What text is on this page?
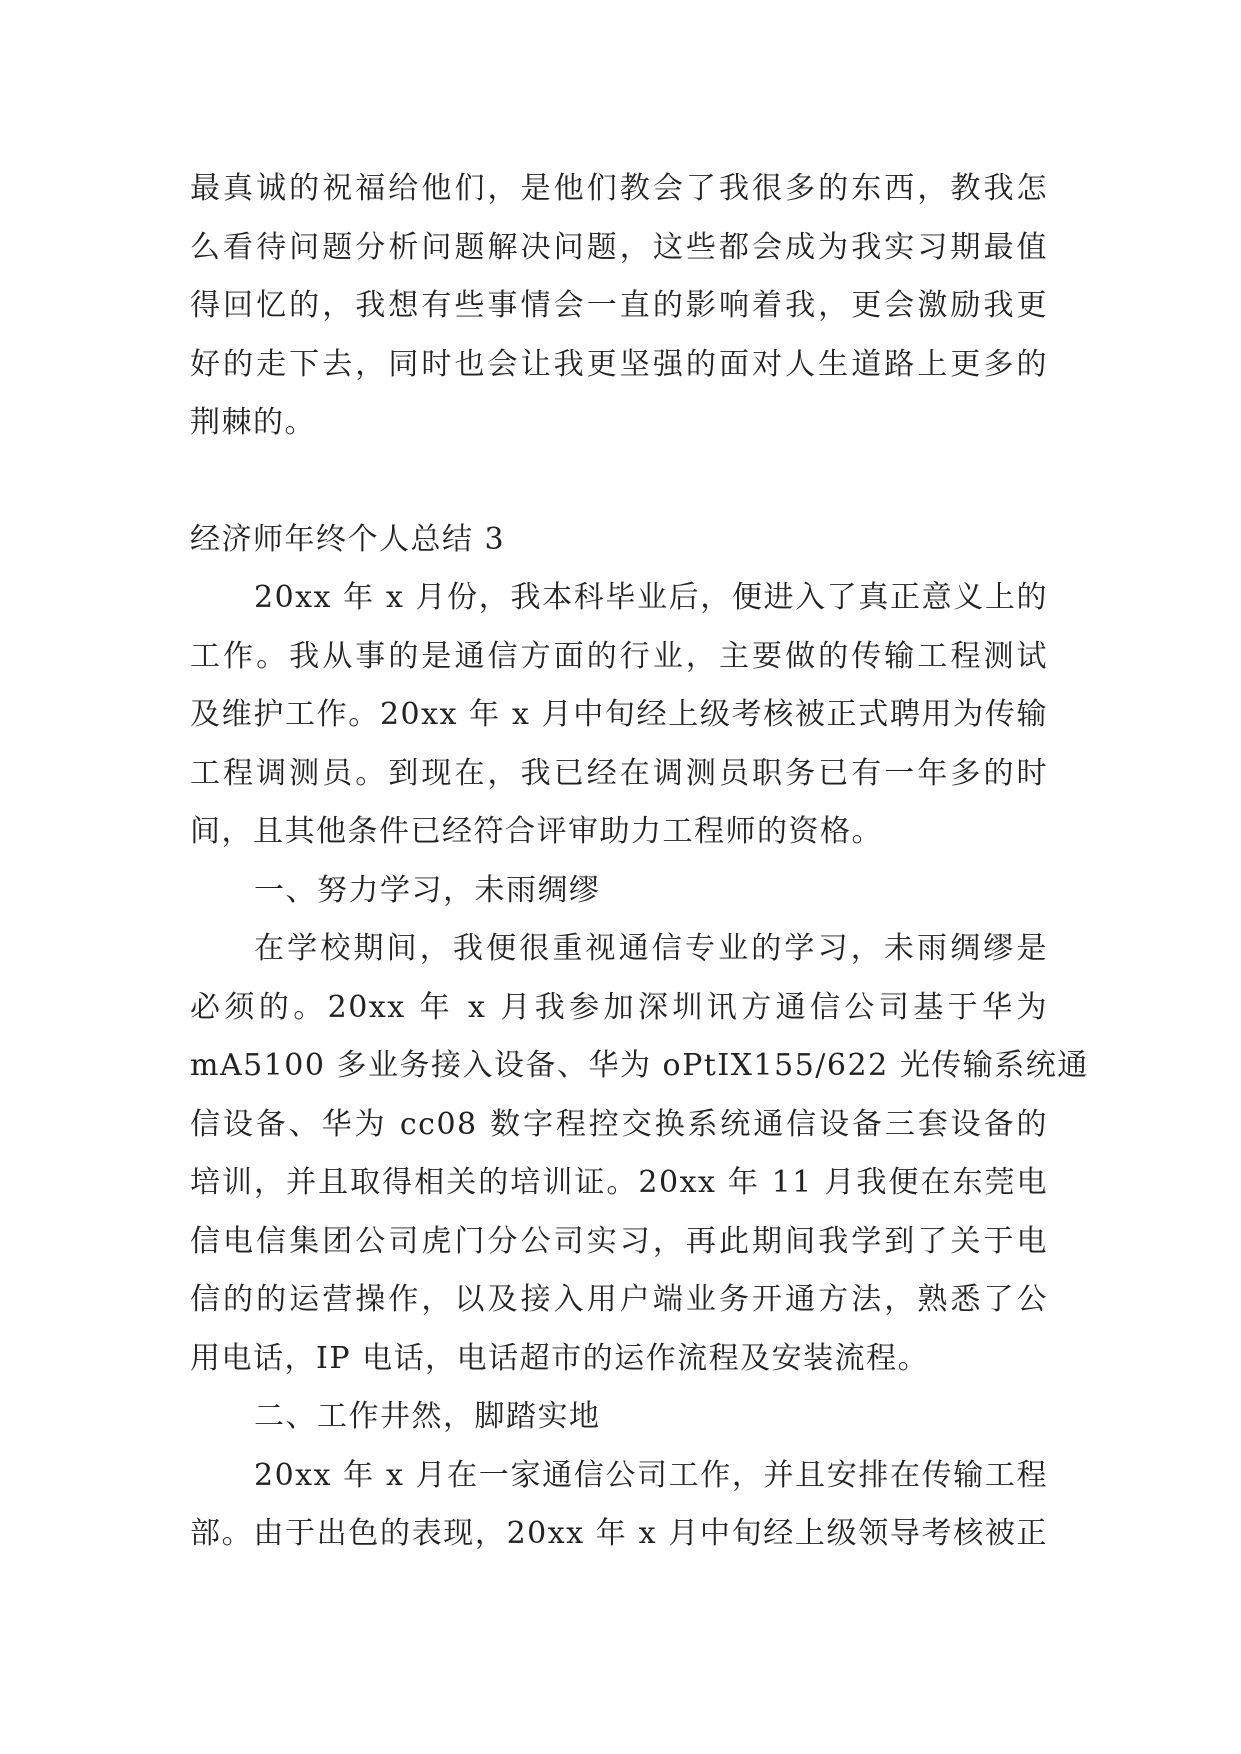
最真诚的祝福给他们，是他们教会了我很多的东西，教我怎
么看待问题分析问题解决问题，这些都会成为我实习期最值
得回忆的，我想有些事情会一直的影响着我，更会激励我更
好的走下去，同时也会让我更坚强的面对人生道路上更多的
荆棘的。
经济师年终个人总结 3
20xx 年 x 月份，我本科毕业后，便进入了真正意义上的
工作。我从事的是通信方面的行业，主要做的传输工程测试
及维护工作。20xx 年 x 月中旬经上级考核被正式聘用为传输
工程调测员。到现在，我已经在调测员职务已有一年多的时
间，且其他条件已经符合评审助力工程师的资格。
一、努力学习，未雨绸缪
在学校期间，我便很重视通信专业的学习，未雨绸缪是
必须的。20xx 年 x 月我参加深圳讯方通信公司基于华为
mA5100 多业务接入设备、华为 oPtIX155/622 光传输系统通
信设备、华为 cc08 数字程控交换系统通信设备三套设备的
培训，并且取得相关的培训证。20xx 年 11 月我便在东莞电
信电信集团公司虎门分公司实习，再此期间我学到了关于电
信的的运营操作，以及接入用户端业务开通方法，熟悉了公
用电话，IP 电话，电话超市的运作流程及安装流程。
二、工作井然，脚踏实地
20xx 年 x 月在一家通信公司工作，并且安排在传输工程
部。由于出色的表现，20xx 年 x 月中旬经上级领导考核被正
